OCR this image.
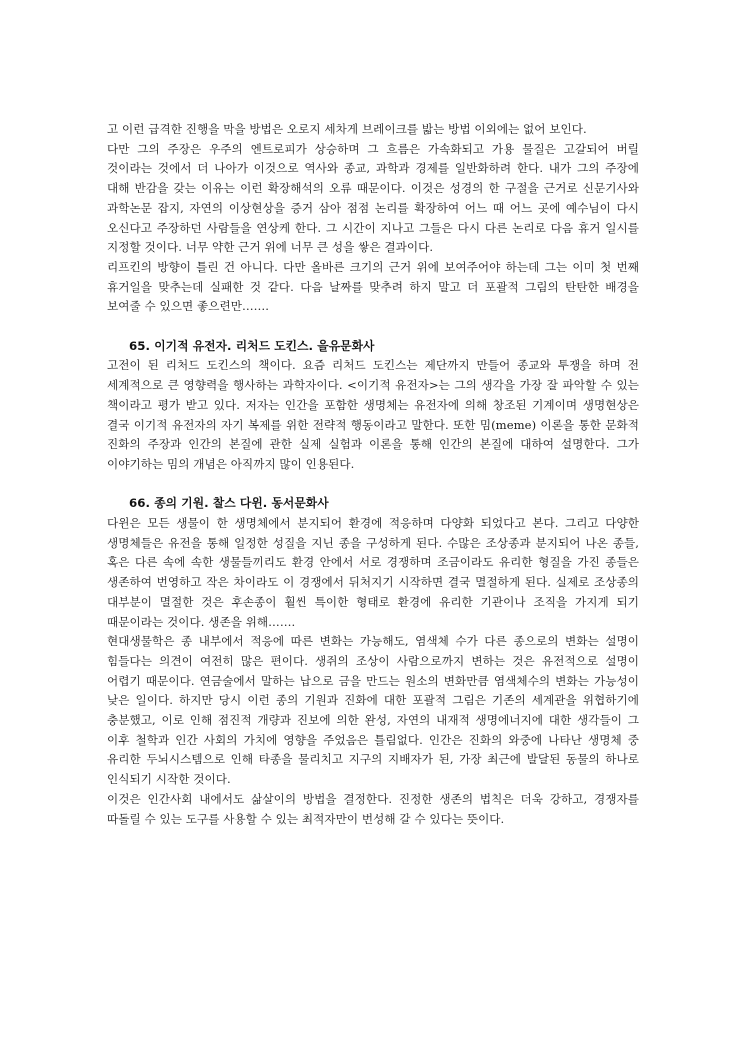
고 이런 급격한 진행을 막을 방법은 오로지 세차게 브레이크를 밟는 방법 이외에는 없어 보인다.

다만 그의 주장은 우주의 엔트로피가 상승하며 그 흐름은 가속화되고 가용 물질은 고갈되어 버릴 것이라는 것에서 더 나아가 이것으로 역사와 종교, 과학과 경제를 일반화하려 한다. 내가 그의 주장에 대해 반감을 갖는 이유는 이런 확장해석의 오류 때문이다. 이것은 성경의 한 구절을 근거로 신문기사와 과학논문 잡지, 자연의 이상현상을 증거 삼아 점점 논리를 확장하여 어느 때 어느 곳에 예수님이 다시 오신다고 주장하던 사람들을 연상케 한다. 그 시간이 지나고 그들은 다시 다른 논리로 다음 휴거 일시를 지정할 것이다. 너무 약한 근거 위에 너무 큰 성을 쌓은 결과이다.

리프킨의 방향이 틀린 건 아니다. 다만 올바른 크기의 근거 위에 보여주어야 하는데 그는 이미 첫 번째 휴거일을 맞추는데 실패한 것 같다. 다음 날짜를 맞추려 하지 말고 더 포괄적 그림의 탄탄한 배경을 보여줄 수 있으면 좋으련만…….

65. 이기적 유전자. 리처드 도킨스. 을유문화사

고전이 된 리처드 도킨스의 책이다. 요즘 리처드 도킨스는 제단까지 만들어 종교와 투쟁을 하며 전 세계적으로 큰 영향력을 행사하는 과학자이다. <이기적 유전자>는 그의 생각을 가장 잘 파악할 수 있는 책이라고 평가 받고 있다. 저자는 인간을 포함한 생명체는 유전자에 의해 창조된 기계이며 생명현상은 결국 이기적 유전자의 자기 복제를 위한 전략적 행동이라고 말한다. 또한 밈(meme) 이론을 통한 문화적 진화의 주장과 인간의 본질에 관한 실제 실험과 이론을 통해 인간의 본질에 대하여 설명한다. 그가 이야기하는 밈의 개념은 아직까지 많이 인용된다.

66. 종의 기원. 찰스 다윈. 동서문화사

다윈은 모든 생물이 한 생명체에서 분지되어 환경에 적응하며 다양화 되었다고 본다. 그리고 다양한 생명체들은 유전을 통해 일정한 성질을 지닌 종을 구성하게 된다. 수많은 조상종과 분지되어 나온 종들, 혹은 다른 속에 속한 생물들끼리도 환경 안에서 서로 경쟁하며 조금이라도 유리한 형질을 가진 종들은 생존하여 번영하고 작은 차이라도 이 경쟁에서 뒤처지기 시작하면 결국 멸절하게 된다. 실제로 조상종의 대부분이 멸절한 것은 후손종이 훨씬 특이한 형태로 환경에 유리한 기관이나 조직을 가지게 되기 때문이라는 것이다. 생존을 위해…….

현대생물학은 종 내부에서 적응에 따른 변화는 가능해도, 염색체 수가 다른 종으로의 변화는 설명이 힘들다는 의견이 여전히 많은 편이다. 생쥐의 조상이 사람으로까지 변하는 것은 유전적으로 설명이 어렵기 때문이다. 연금술에서 말하는 납으로 금을 만드는 원소의 변화만큼 염색체수의 변화는 가능성이 낮은 일이다. 하지만 당시 이런 종의 기원과 진화에 대한 포괄적 그림은 기존의 세계관을 위협하기에 충분했고, 이로 인해 점진적 개량과 진보에 의한 완성, 자연의 내재적 생명에너지에 대한 생각들이 그 이후 철학과 인간 사회의 가치에 영향을 주었음은 틀림없다. 인간은 진화의 와중에 나타난 생명체 중 유리한 두뇌시스템으로 인해 타종을 물리치고 지구의 지배자가 된, 가장 최근에 발달된 동물의 하나로 인식되기 시작한 것이다.

이것은 인간사회 내에서도 삶살이의 방법을 결정한다. 진정한 생존의 법칙은 더욱 강하고, 경쟁자를 따돌릴 수 있는 도구를 사용할 수 있는 최적자만이 번성해 갈 수 있다는 뜻이다.
